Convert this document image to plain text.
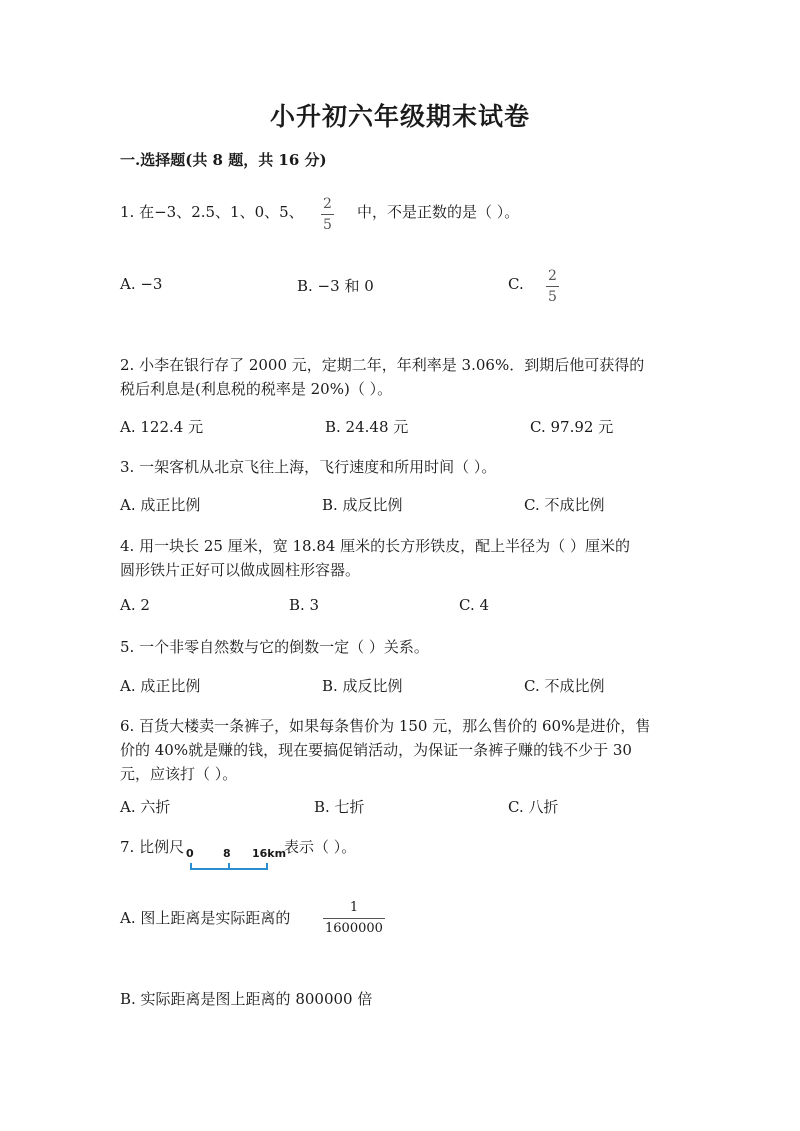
小升初六年级期末试卷
一.选择题(共 8 题，共 16 分)
1. 在−3、2.5、1、0、5、 2
5
中，不是正数的是（ ）。
A. −3	B. −3 和 0	C. 2
5
2. 小李在银行存了 2000 元，定期二年，年利率是 3.06%．到期后他可获得的
税后利息是(利息税的税率是 20%)（ ）。
A. 122.4 元	B. 24.48 元	C. 97.92 元
3. 一架客机从北京飞往上海，飞行速度和所用时间（ ）。
A. 成正比例	B. 成反比例	C. 不成比例
4. 用一块长 25 厘米，宽 18.84 厘米的长方形铁皮，配上半径为（ ）厘米的
圆形铁片正好可以做成圆柱形容器。
A. 2	B. 3	C. 4
5. 一个非零自然数与它的倒数一定（ ）关系。
A. 成正比例	B. 成反比例	C. 不成比例
6. 百货大楼卖一条裤子，如果每条售价为 150 元，那么售价的 60%是进价，售
价的 40%就是赚的钱，现在要搞促销活动，为保证一条裤子赚的钱不少于 30
元，应该打（ ）。
A. 六折	B. 七折	C. 八折
7. 比例尺 0	8 16km
表示（ ）。
A. 图上距离是实际距离的
1
1600000
B. 实际距离是图上距离的 800000 倍
